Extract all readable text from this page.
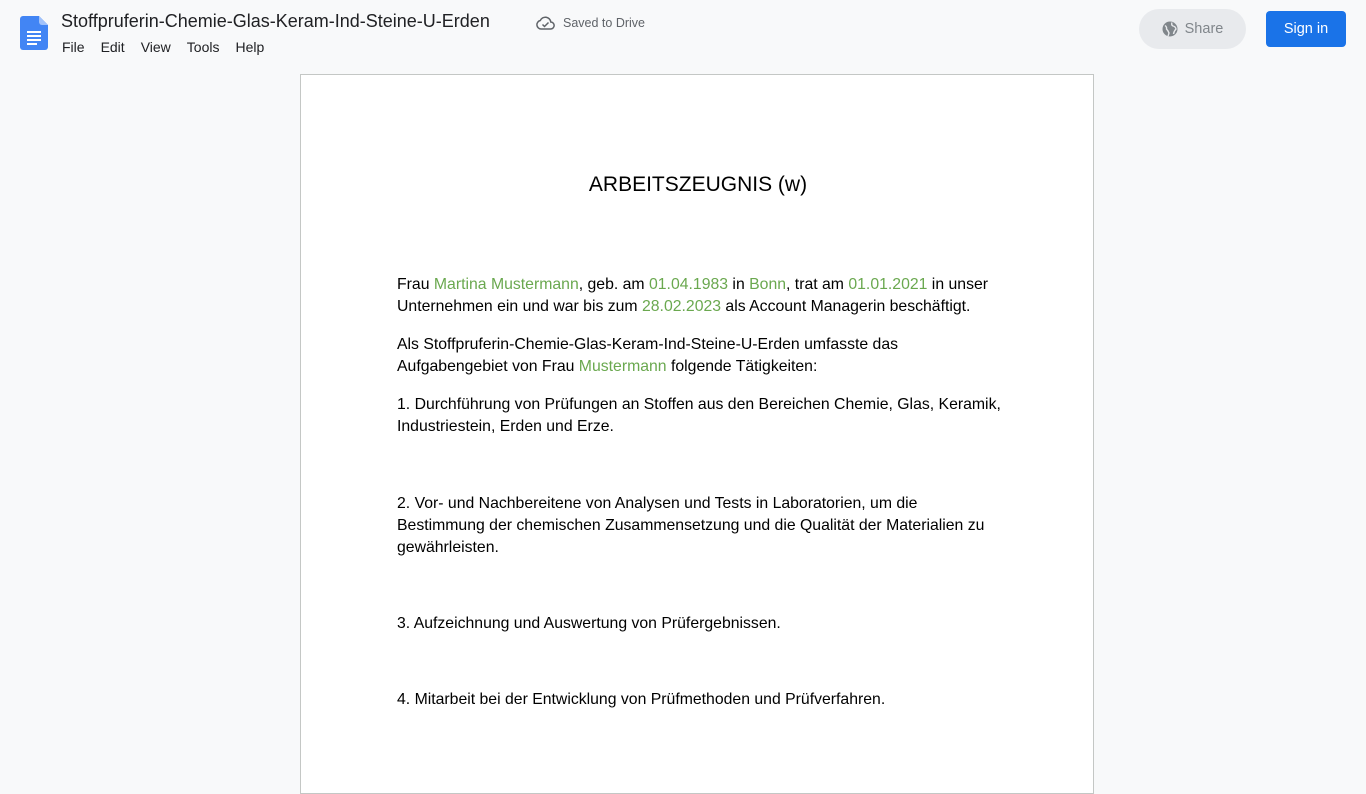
Stoffpruferin-Chemie-Glas-Keram-Ind-Steine-U-Erden	Saved to Drive
File	Edit	View	Tools	Help
Share	Sign in
ARBEITSZEUGNIS (w)
Frau Martina Mustermann, geb. am 01.04.1983 in Bonn, trat am 01.01.2021 in unser Unternehmen ein und war bis zum 28.02.2023 als Account Managerin beschäftigt.
Als Stoffpruferin-Chemie-Glas-Keram-Ind-Steine-U-Erden umfasste das Aufgabengebiet von Frau Mustermann folgende Tätigkeiten:
1. Durchführung von Prüfungen an Stoffen aus den Bereichen Chemie, Glas, Keramik, Industriestein, Erden und Erze.
2. Vor- und Nachbereitene von Analysen und Tests in Laboratorien, um die Bestimmung der chemischen Zusammensetzung und die Qualität der Materialien zu gewährleisten.
3. Aufzeichnung und Auswertung von Prüfergebnissen.
4. Mitarbeit bei der Entwicklung von Prüfmethoden und Prüfverfahren.
